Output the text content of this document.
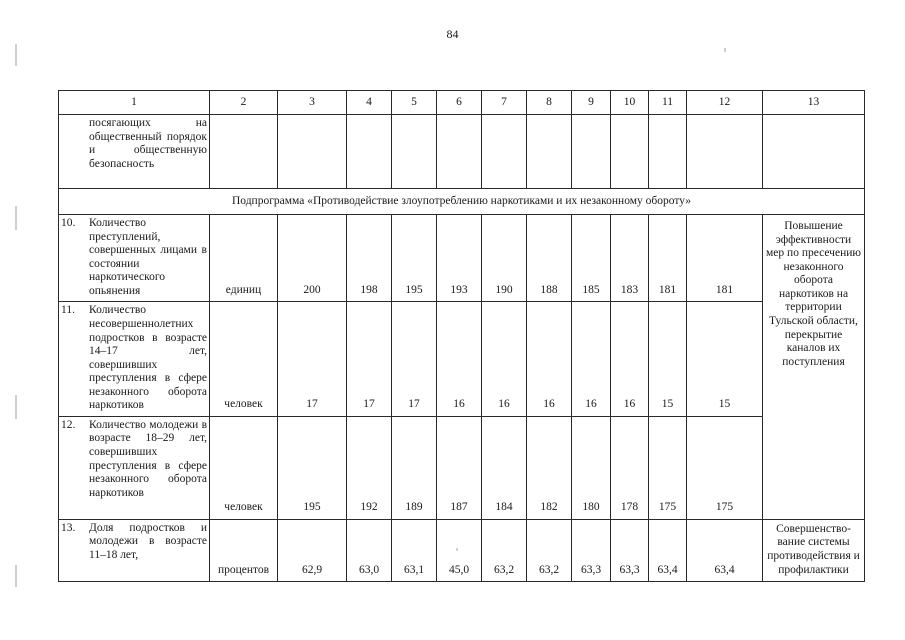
84
1	2	3	4	5	6	7	8	9	10	11	12	13

посягающих на общественный порядок и общественную безопасность												

Подпрограмма «Противодействие злоупотреблению наркотиками и их незаконному обороту»												

10. Количество преступлений, совершенных лицами в состоянии наркотического опьянения	единиц	200	198	195	193	190	188	185	183	181	181	Повышение эффективности мер по пресечению незаконного оборота наркотиков на территории Тульской области, перекрытие каналов их поступления

11. Количество несовершеннолетних подростков в возрасте 14–17 лет, совершивших преступления в сфере незаконного оборота наркотиков	человек	17	17	17	16	16	16	16	16	15	15	

12. Количество молодежи в возрасте 18–29 лет, совершивших преступления в сфере незаконного оборота наркотиков	человек	195	192	189	187	184	182	180	178	175	175	

13. Доля подростков и молодежи в возрасте 11–18 лет,	процентов	62,9	63,0	63,1	45,0	63,2	63,2	63,3	63,3	63,4	63,4	Совершенство-вание системы противодействия и профилактики
